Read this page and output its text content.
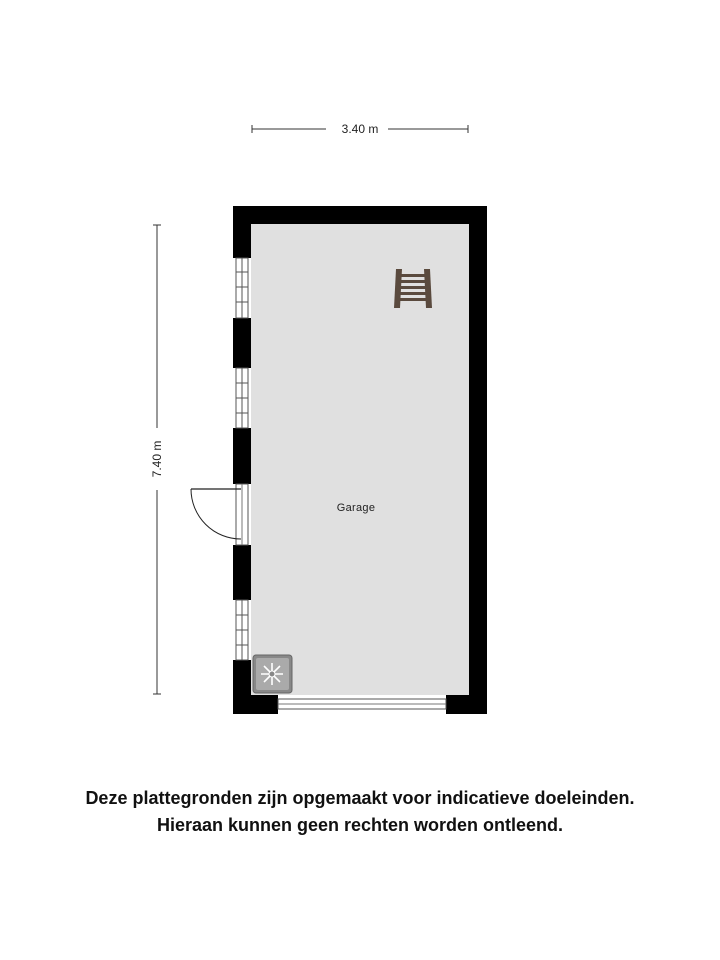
3.40 m
7.40 m
Garage
Deze plattegronden zijn opgemaakt voor indicatieve doeleinden.
Hieraan kunnen geen rechten worden ontleend.
